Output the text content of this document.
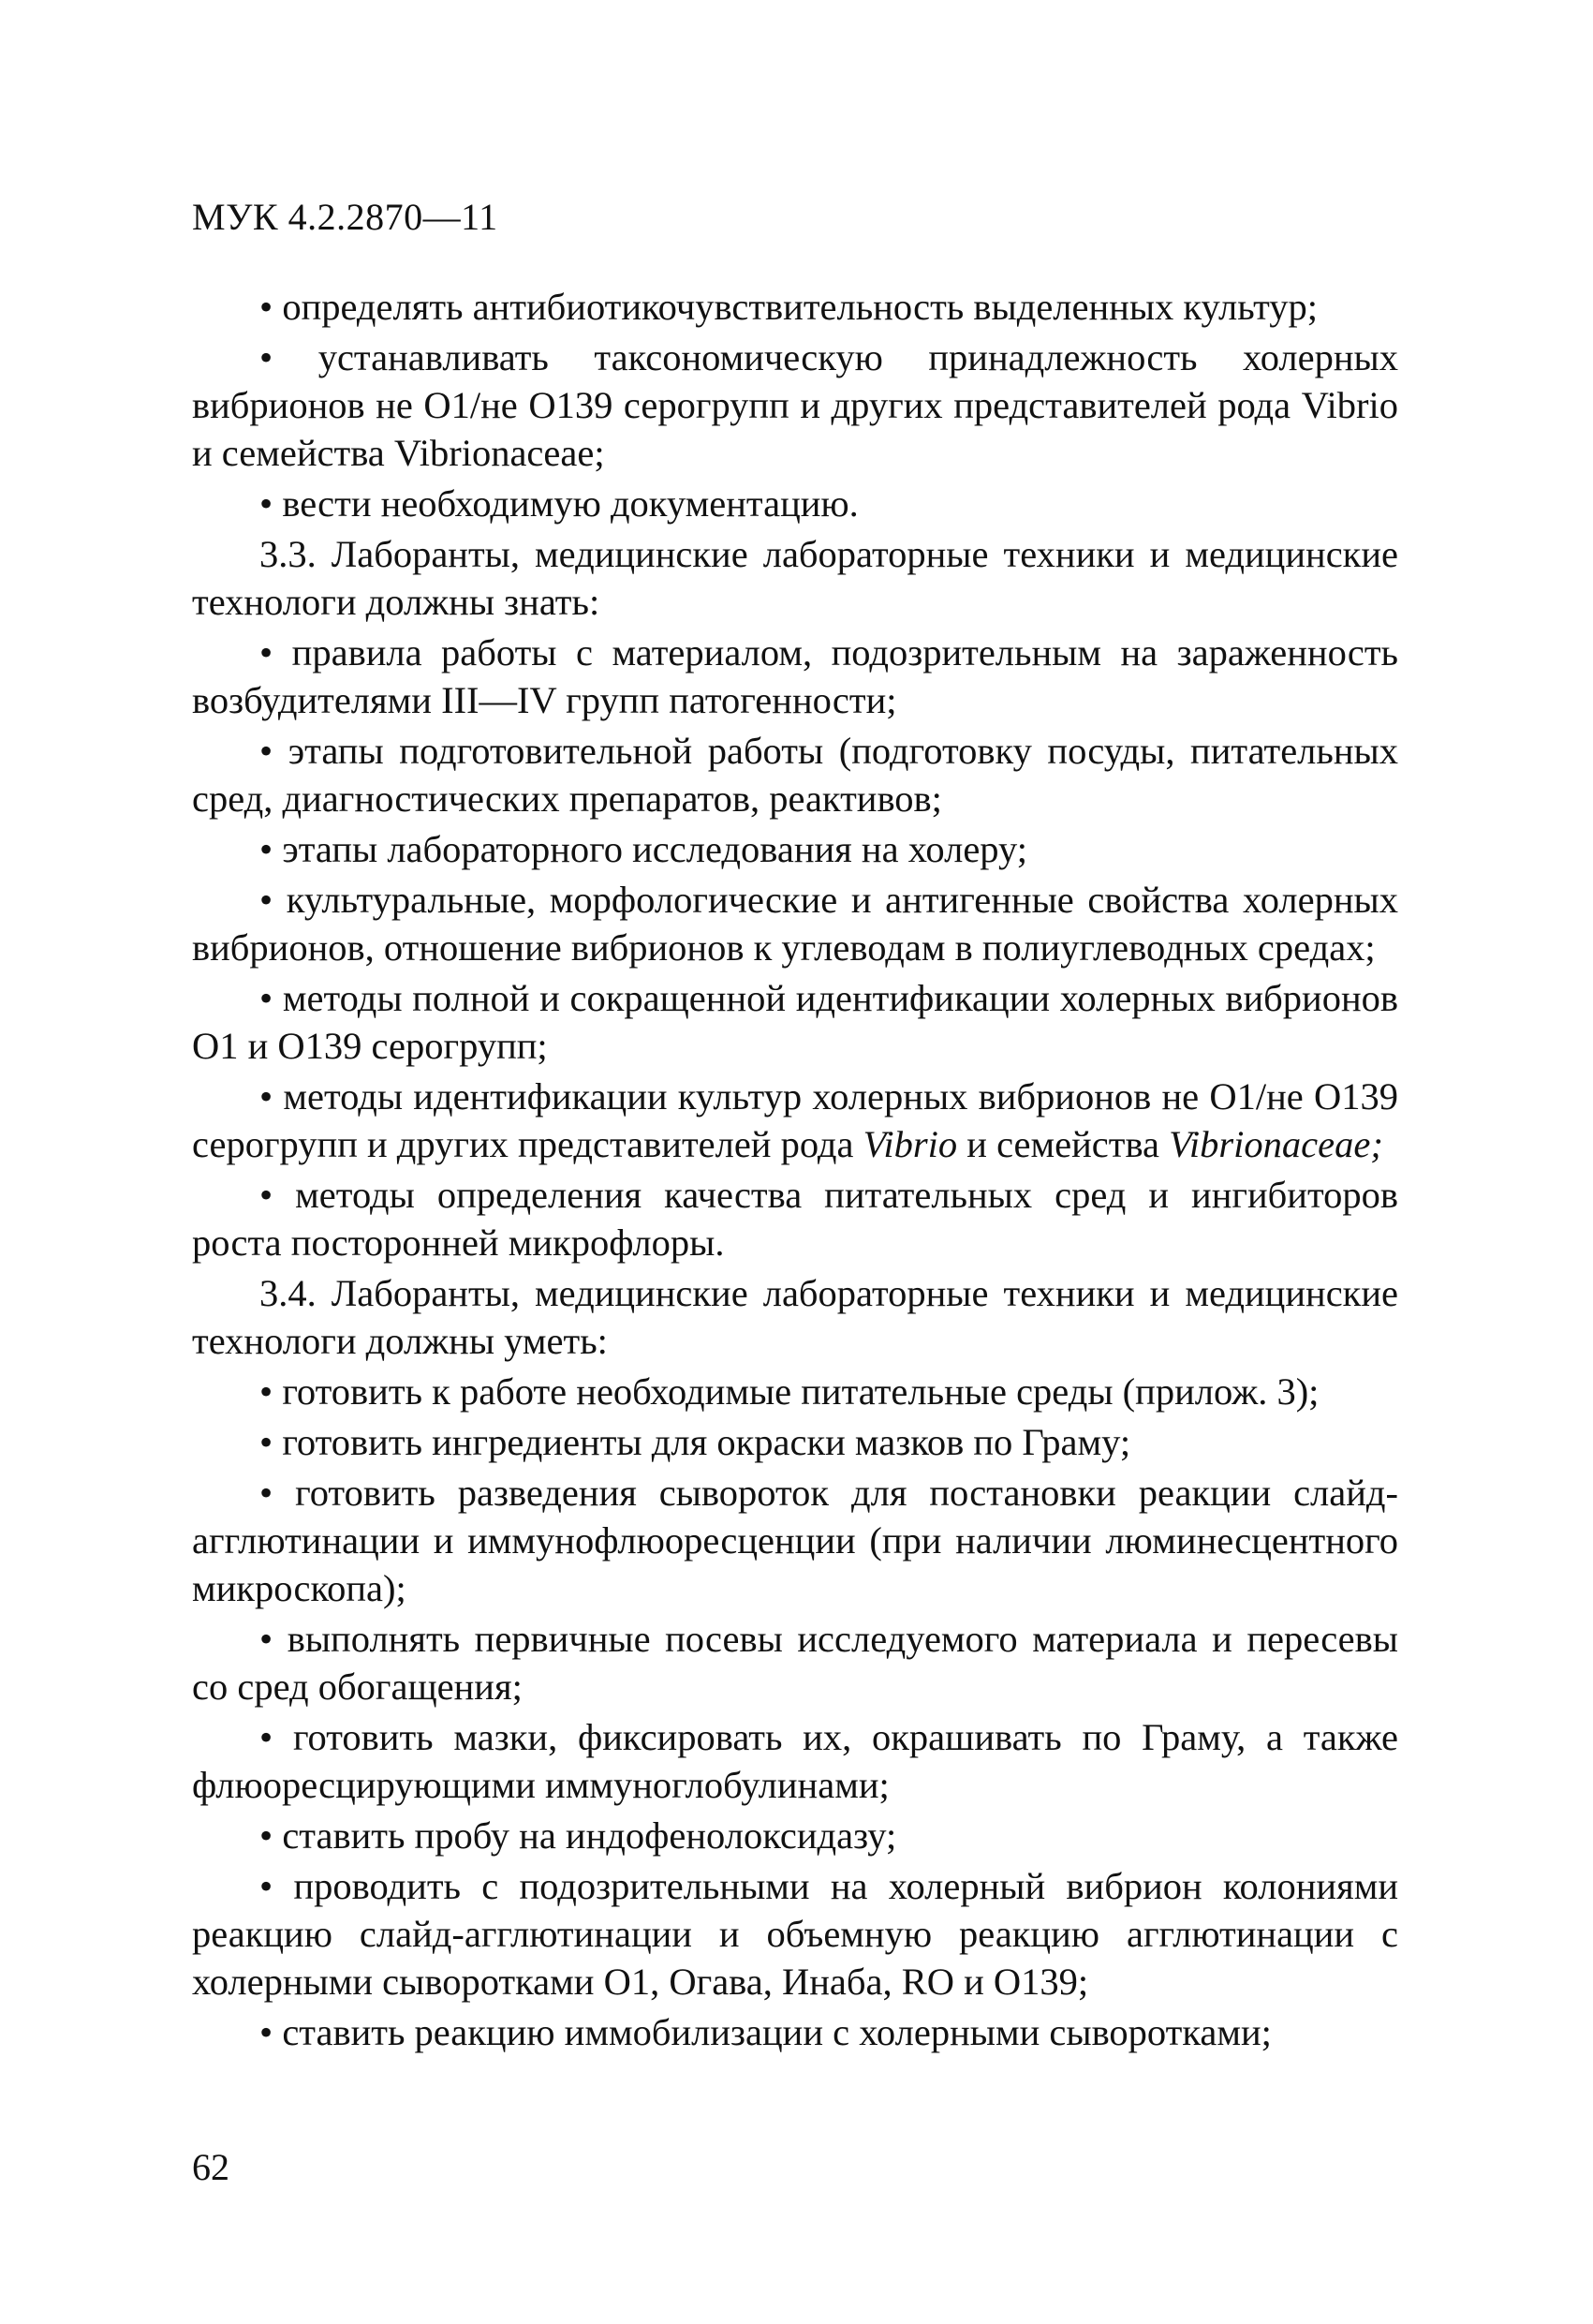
МУК 4.2.2870—11

• определять антибиотикочувствительность выделенных культур;

• устанавливать таксономическую принадлежность холерных вибрионов не О1/не О139 серогрупп и других представителей рода Vibrio и семейства Vibrionaceae;

• вести необходимую документацию.

3.3. Лаборанты, медицинские лабораторные техники и медицинские технологи должны знать:

• правила работы с материалом, подозрительным на зараженность возбудителями III—IV групп патогенности;

• этапы подготовительной работы (подготовку посуды, питательных сред, диагностических препаратов, реактивов;

• этапы лабораторного исследования на холеру;

• культуральные, морфологические и антигенные свойства холерных вибрионов, отношение вибрионов к углеводам в полиуглеводных средах;

• методы полной и сокращенной идентификации холерных вибрионов О1 и О139 серогрупп;

• методы идентификации культур холерных вибрионов не О1/не О139 серогрупп и других представителей рода Vibrio и семейства Vibrionaceae;

• методы определения качества питательных сред и ингибиторов роста посторонней микрофлоры.

3.4. Лаборанты, медицинские лабораторные техники и медицинские технологи должны уметь:

• готовить к работе необходимые питательные среды (прилож. 3);

• готовить ингредиенты для окраски мазков по Граму;

• готовить разведения сывороток для постановки реакции слайд-агглютинации и иммунофлюоресценции (при наличии люминесцентного микроскопа);

• выполнять первичные посевы исследуемого материала и пересевы со сред обогащения;

• готовить мазки, фиксировать их, окрашивать по Граму, а также флюоресцирующими иммуноглобулинами;

• ставить пробу на индофенолоксидазу;

• проводить с подозрительными на холерный вибрион колониями реакцию слайд-агглютинации и объемную реакцию агглютинации с холерными сыворотками О1, Огава, Инаба, RO и О139;

• ставить реакцию иммобилизации с холерными сыворотками;

62
